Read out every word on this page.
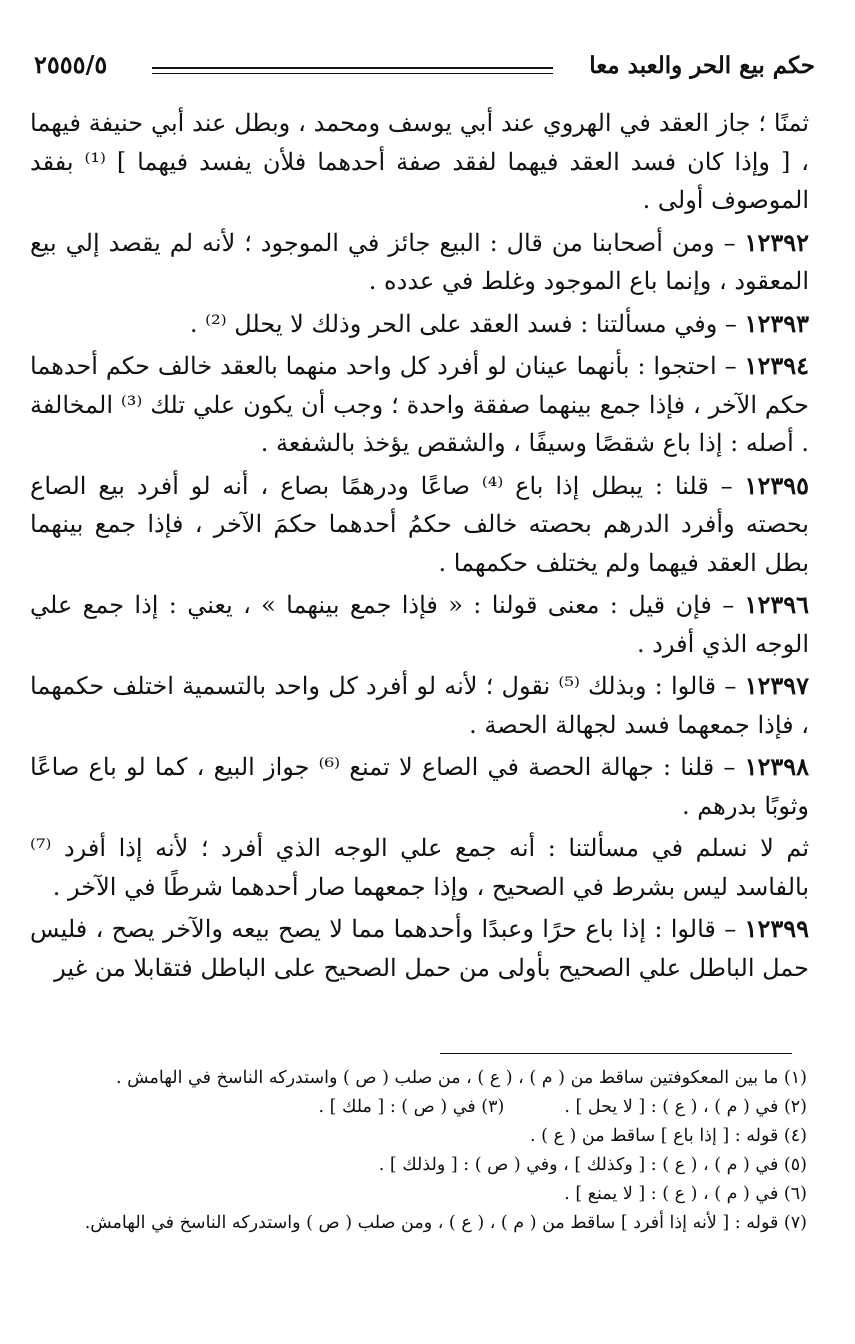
حكم بيع الحر والعبد معا
٢٥٥٥/٥

ثمنًا ؛ جاز العقد في الهروي عند أبي يوسف ومحمد ، وبطل عند أبي حنيفة فيهما ، [ وإذا كان فسد العقد فيهما لفقد صفة أحدهما فلأن يفسد فيهما ] ⁽¹⁾ بفقد الموصوف أولى .

١٢٣٩٢ – ومن أصحابنا من قال : البيع جائز في الموجود ؛ لأنه لم يقصد إلي بيع المعقود ، وإنما باع الموجود وغلط في عدده .

١٢٣٩٣ – وفي مسألتنا : فسد العقد على الحر وذلك لا يحلل ⁽²⁾ .

١٢٣٩٤ – احتجوا : بأنهما عينان لو أفرد كل واحد منهما بالعقد خالف حكم أحدهما حكم الآخر ، فإذا جمع بينهما صفقة واحدة ؛ وجب أن يكون علي تلك ⁽³⁾ المخالفة . أصله : إذا باع شقصًا وسيفًا ، والشقص يؤخذ بالشفعة .

١٢٣٩٥ – قلنا : يبطل إذا باع ⁽⁴⁾ صاعًا ودرهمًا بصاع ، أنه لو أفرد بيع الصاع بحصته وأفرد الدرهم بحصته خالف حكمُ أحدهما حكمَ الآخر ، فإذا جمع بينهما بطل العقد فيهما ولم يختلف حكمهما .

١٢٣٩٦ – فإن قيل : معنى قولنا : « فإذا جمع بينهما » ، يعني : إذا جمع علي الوجه الذي أفرد .

١٢٣٩٧ – قالوا : وبذلك ⁽⁵⁾ نقول ؛ لأنه لو أفرد كل واحد بالتسمية اختلف حكمهما ، فإذا جمعهما فسد لجهالة الحصة .

١٢٣٩٨ – قلنا : جهالة الحصة في الصاع لا تمنع ⁽⁶⁾ جواز البيع ، كما لو باع صاعًا وثوبًا بدرهم .

ثم لا نسلم في مسألتنا : أنه جمع علي الوجه الذي أفرد ؛ لأنه إذا أفرد ⁽⁷⁾ بالفاسد ليس بشرط في الصحيح ، وإذا جمعهما صار أحدهما شرطًا في الآخر .

١٢٣٩٩ – قالوا : إذا باع حرًا وعبدًا وأحدهما مما لا يصح بيعه والآخر يصح ، فليس حمل الباطل علي الصحيح بأولى من حمل الصحيح على الباطل فتقابلا من غير

(١) ما بين المعكوفتين ساقط من ( م ) ، ( ع ) ، من صلب ( ص ) واستدركه الناسخ في الهامش .

(٢) في ( م ) ، ( ع ) : [ لا يحل ] .(٣) في ( ص ) : [ ملك ] .

(٤) قوله : [ إذا باع ] ساقط من ( ع ) .

(٥) في ( م ) ، ( ع ) : [ وكذلك ] ، وفي ( ص ) : [ ولذلك ] .

(٦) في ( م ) ، ( ع ) : [ لا يمنع ] .

(٧) قوله : [ لأنه إذا أفرد ] ساقط من ( م ) ، ( ع ) ، ومن صلب ( ص ) واستدركه الناسخ في الهامش.
